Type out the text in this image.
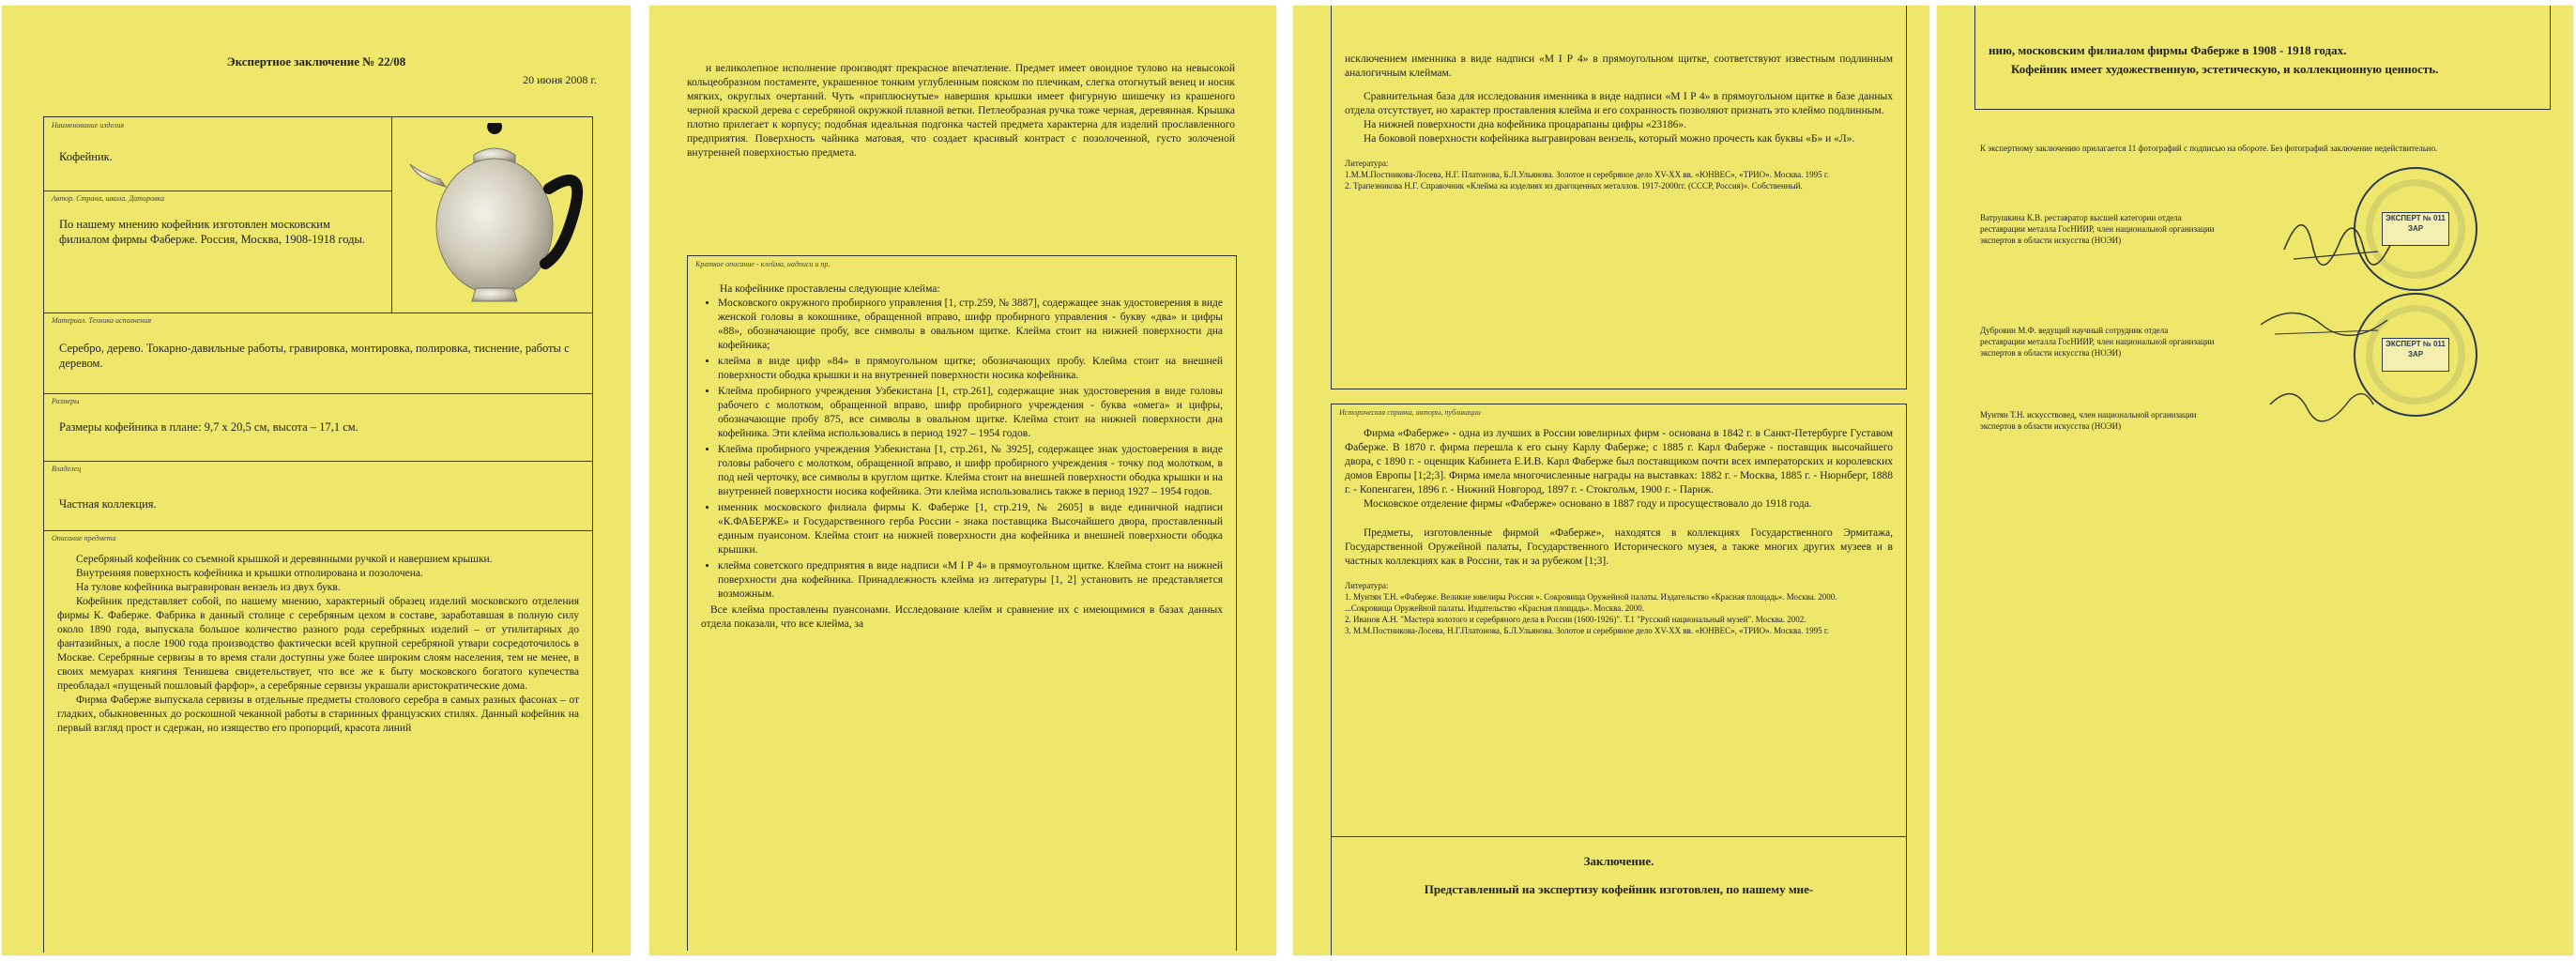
Экспертное заключение № 22/08
20 июня 2008 г.
Наименование изделия
Кофейник.
Автор. Страна, школа. Датировка
По нашему мнению кофейник изготовлен московским филиалом фирмы Фаберже. Россия, Москва, 1908-1918 годы.
Материал. Техника исполнения
Серебро, дерево. Токарно-давильные работы, гравировка, монтировка, полировка, тиснение, работы с деревом.
Размеры
Размеры кофейника в плане: 9,7 x 20,5 см, высота – 17,1 см.
Владелец
Частная коллекция.
Описание предмета
Серебряный кофейник со съемной крышкой и деревянными ручкой и навершием крышки.
Внутренняя поверхность кофейника и крышки отполирована и позолочена.
На тулове кофейника выгравирован вензель из двух букв.
Кофейник представляет собой, по нашему мнению, характерный образец изделий московского отделения фирмы К. Фаберже. Фабрика в данный столице с серебряным цехом в составе, заработавшая в полную силу около 1890 года, выпускала большое количество разного рода серебряных изделий – от утилитарных до фантазийных, а после 1900 года производство фактически всей крупной серебряной утвари сосредоточилось в Москве. Серебряные сервизы в то время стали доступны уже более широким слоям населения, тем не менее, в своих мемуарах княгиня Тенишева свидетельствует, что все же к быту московского богатого купечества преобладал «пущеный пошловый фарфор», а серебряные сервизы украшали аристократические дома.
Фирма Фаберже выпускала сервизы в отдельные предметы столового серебра в самых разных фасонах – от гладких, обыкновенных до роскошной чеканной работы в старинных французских стилях. Данный кофейник на первый взгляд прост и сдержан, но изящество его пропорций, красота линий
и великолепное исполнение производят прекрасное впечатление. Предмет имеет овоидное тулово на невысокой кольцеобразном постаменте, украшенное тонким углубленным пояском по плечикам, слегка отогнутый венец и носик мягких, округлых очертаний. Чуть «приплюснутые» навершия крышки имеет фигурную шишечку из крашеного черной краской дерева с серебряной окружкой плавной ветки. Петлеобразная ручка тоже черная, деревянная. Крышка плотно прилегает к корпусу; подобная идеальная подгонка частей предмета характерна для изделий прославленного предприятия. Поверхность чайника матовая, что создает красивый контраст с позолоченной, густо золоченой внутренней поверхностью предмета.
Краткое описание - клейма, надписи и пр.
На кофейнике проставлены следующие клейма:
• Московского окружного пробирного управления [1, стр.259, № 3887], содержащее знак удостоверения в виде женской головы в кокошнике, обращенной вправо, шифр пробирного управления - букву «два» и цифры «88», обозначающие пробу, все символы в овальном щитке. Клейма стоит на нижней поверхности дна кофейника;
• клейма в виде цифр «84» в прямоугольном щитке; обозначающих пробу. Клейма стоит на внешней поверхности ободка крышки и на внутренней поверхности носика кофейника.
• Клейма пробирного учреждения Узбекистана [1, стр.261], содержащие знак удостоверения в виде головы рабочего с молотком, обращенной вправо, шифр пробирного учреждения - буква «омега» и цифры, обозначающие пробу 875, все символы в овальном щитке. Клейма стоит на нижней поверхности дна кофейника. Эти клейма использовались в период 1927 – 1954 годов.
• Клейма пробирного учреждения Узбекистана [1, стр.261, № 3925], содержащее знак удостоверения в виде головы рабочего с молотком, обращенной вправо, и шифр пробирного учреждения - точку под молотком, в под ней черточку, все символы в круглом щитке. Клейма стоит на внешней поверхности ободка крышки и на внутренней поверхности носика кофейника. Эти клейма использовались также в период 1927 – 1954 годов.
• именник московского филиала фирмы К. Фаберже [1, стр.219, № 2605] в виде единичной надписи «К.ФАБЕРЖЕ» и Государственного герба России - знака поставщика Высочайшего двора, проставленный единым пуансоном. Клейма стоит на нижней поверхности дна кофейника и внешней поверхности ободка крышки.
• клейма советского предприятия в виде надписи «М I Р 4» в прямоугольном щитке. Клейма стоит на нижней поверхности дна кофейника. Принадлежность клейма из литературы [1, 2] установить не представляется возможным.
Все клейма проставлены пуансонами. Исследование клейм и сравнение их с имеющимися в базах данных отдела показали, что все клейма, за
исключением именника в виде надписи «М I Р 4» в прямоугольном щитке, соответствуют известным подлинным аналогичным клеймам.
Сравнительная база для исследования именника в виде надписи «М I Р 4» в прямоугольном щитке в базе данных отдела отсутствует, но характер проставления клейма и его сохранность позволяют признать это клеймо подлинным.
На нижней поверхности дна кофейника процарапаны цифры «23186».
На боковой поверхности кофейника выгравирован вензель, который можно прочесть как буквы «Б» и «Л».
Литература:
1.М.М.Постникова-Лосева, Н.Г. Платонова, Б.Л.Ульянова. Золотое и серебряное дело XV-XX вв. «ЮНВЕС», «ТРИО». Москва. 1995 г.
2. Трапезникова Н.Г. Справочник «Клейма на изделиях из драгоценных металлов. 1917-2000гг. (СССР, Россия)». Собственный.
Историческая справка, авторы, публикации
Фирма «Фаберже» - одна из лучших в России ювелирных фирм - основана в 1842 г. в Санкт-Петербурге Густавом Фаберже. В 1870 г. фирма перешла к его сыну Карлу Фаберже; с 1885 г. Карл Фаберже - поставщик высочайшего двора, с 1890 г. - оценщик Кабинета Е.И.В. Карл Фаберже был поставщиком почти всех императорских и королевских домов Европы [1;2;3]. Фирма имела многочисленные награды на выставках: 1882 г. - Москва, 1885 г. - Нюрнберг, 1888 г. - Копенгаген, 1896 г. - Нижний Новгород, 1897 г. - Стокгольм, 1900 г. - Париж.
Московское отделение фирмы «Фаберже» основано в 1887 году и просуществовало до 1918 года.
Предметы, изготовленные фирмой «Фаберже», находятся в коллекциях Государственного Эрмитажа, Государственной Оружейной палаты, Государственного Исторического музея, а также многих других музеев и в частных коллекциях как в России, так и за рубежом [1;3].
Литература:
1. Мунтян Т.Н. «Фаберже. Великие ювелиры России ». Сокровища Оружейной палаты. Издательство «Красная площадь». Москва. 2000.
...Сокровища Оружейной палаты. Издательство «Красная площадь». Москва. 2000.
2. Иванов А.Н. "Мастера золотого и серебряного дела в России (1600-1926)". Т.1 "Русский национальный музей". Москва. 2002.
3. М.М.Постникова-Лосева, Н.Г.Платонова, Б.Л.Ульянова. Золотое и серебряное дело XV-XX вв. «ЮНВЕС», «ТРИО». Москва. 1995 г.
Заключение.
Представленный на экспертизу кофейник изготовлен, по нашему мне-
нию, московским филиалом фирмы Фаберже в 1908 - 1918 годах.
Кофейник имеет художественную, эстетическую, и коллекционную ценность.
К экспертному заключению прилагается 11 фотографий с подписью на обороте. Без фотографий заключение недействительно.
Ватрушкина К.В. реставратор высшей категории отдела реставрации металла ГосНИИР, член национальной организации экспертов в области искусства (НОЭИ)
Дубровин М.Ф. ведущий научный сотрудник отдела реставрации металла ГосНИИР, член национальной организации экспертов в области искусства (НОЭИ)
Мунтян Т.Н. искусствовед, член национальной организации экспертов в области искусства (НОЭИ)
ЭКСПЕРТ № 011 ЗАР
ЭКСПЕРТ № 011 ЗАР
